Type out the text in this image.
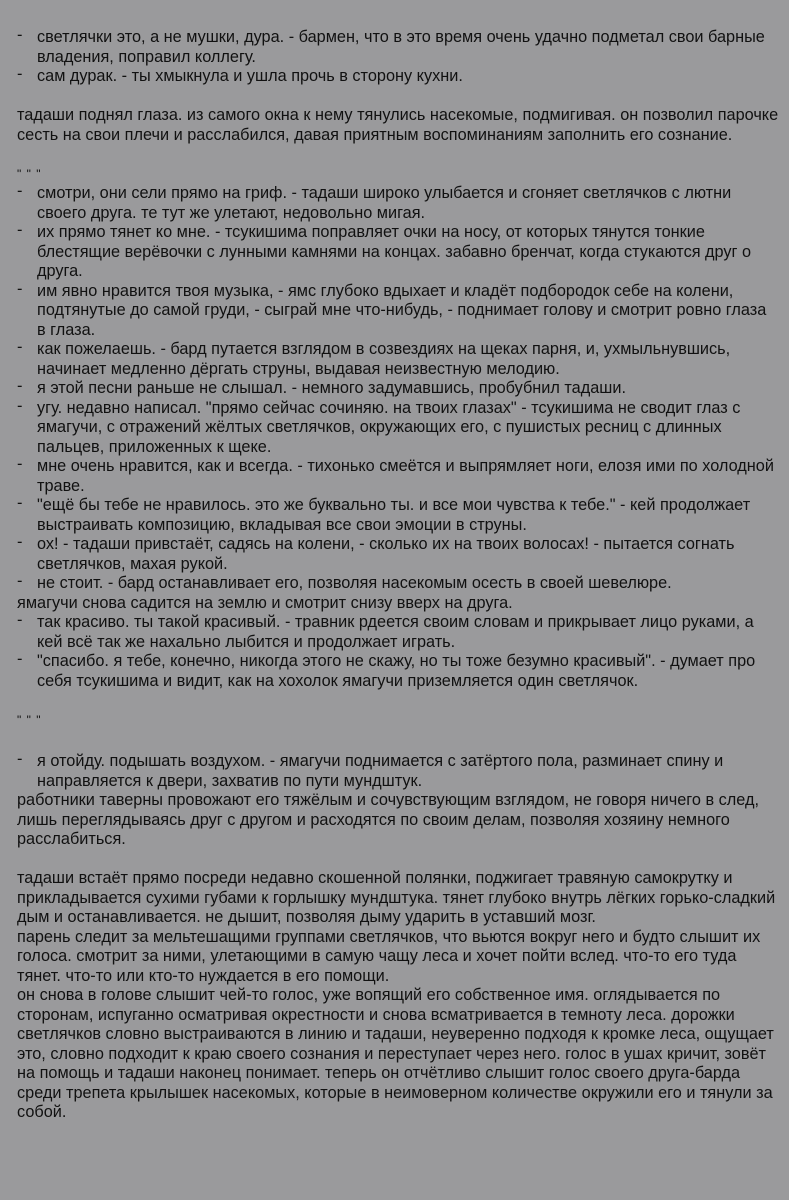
- светлячки это, а не мушки, дура. - бармен, что в это время очень удачно подметал свои барные владения, поправил коллегу.
- сам дурак. - ты хмыкнула и ушла прочь в сторону кухни.
тадаши поднял глаза. из самого окна к нему тянулись насекомые, подмигивая. он позволил парочке сесть на свои плечи и расслабился, давая приятным воспоминаниям заполнить его сознание.
" " "
- смотри, они сели прямо на гриф. - тадаши широко улыбается и сгоняет светлячков с лютни своего друга. те тут же улетают, недовольно мигая.
- их прямо тянет ко мне. - тсукишима поправляет очки на носу, от которых тянутся тонкие блестящие верёвочки с лунными камнями на концах. забавно бренчат, когда стукаются друг о друга.
- им явно нравится твоя музыка, - ямс глубоко вдыхает и кладёт подбородок себе на колени, подтянутые до самой груди, - сыграй мне что-нибудь, - поднимает голову и смотрит ровно глаза в глаза.
- как пожелаешь. - бард путается взглядом в созвездиях на щеках парня, и, ухмыльнувшись, начинает медленно дёргать струны, выдавая неизвестную мелодию.
- я этой песни раньше не слышал. - немного задумавшись, пробубнил тадаши.
- угу. недавно написал. "прямо сейчас сочиняю. на твоих глазах" - тсукишима не сводит глаз с ямагучи, с отражений жёлтых светлячков, окружающих его, с пушистых ресниц с длинных пальцев, приложенных к щеке.
- мне очень нравится, как и всегда. - тихонько смеётся и выпрямляет ноги, елозя ими по холодной траве.
- "ещё бы тебе не нравилось. это же буквально ты. и все мои чувства к тебе." - кей продолжает выстраивать композицию, вкладывая все свои эмоции в струны.
- ох! - тадаши привстаёт, садясь на колени, - сколько их на твоих волосах! - пытается согнать светлячков, махая рукой.
- не стоит. - бард останавливает его, позволяя насекомым осесть в своей шевелюре.
ямагучи снова садится на землю и смотрит снизу вверх на друга.
- так красиво. ты такой красивый. - травник рдеется своим словам и прикрывает лицо руками, а кей всё так же нахально лыбится и продолжает играть.
- "спасибо. я тебе, конечно, никогда этого не скажу, но ты тоже безумно красивый". - думает про себя тсукишима и видит, как на хохолок ямагучи приземляется один светлячок.
" " "
- я отойду. подышать воздухом. - ямагучи поднимается с затёртого пола, разминает спину и направляется к двери, захватив по пути мундштук.
работники таверны провожают его тяжёлым и сочувствующим взглядом, не говоря ничего в след, лишь переглядываясь друг с другом и расходятся по своим делам, позволяя хозяину немного расслабиться.
тадаши встаёт прямо посреди недавно скошенной полянки, поджигает травяную самокрутку и прикладывается сухими губами к горлышку мундштука. тянет глубоко внутрь лёгких горько-сладкий дым и останавливается. не дышит, позволяя дыму ударить в уставший мозг.
парень следит за мельтешащими группами светлячков, что вьются вокруг него и будто слышит их голоса. смотрит за ними, улетающими в самую чащу леса и хочет пойти вслед. что-то его туда тянет. что-то или кто-то нуждается в его помощи.
он снова в голове слышит чей-то голос, уже вопящий его собственное имя. оглядывается по сторонам, испуганно осматривая окрестности и снова всматривается в темноту леса. дорожки светлячков словно выстраиваются в линию и тадаши, неуверенно подходя к кромке леса, ощущает это, словно подходит к краю своего сознания и переступает через него. голос в ушах кричит, зовёт на помощь и тадаши наконец понимает. теперь он отчётливо слышит голос своего друга-барда среди трепета крылышек насекомых, которые в неимоверном количестве окружили его и тянули за собой.
